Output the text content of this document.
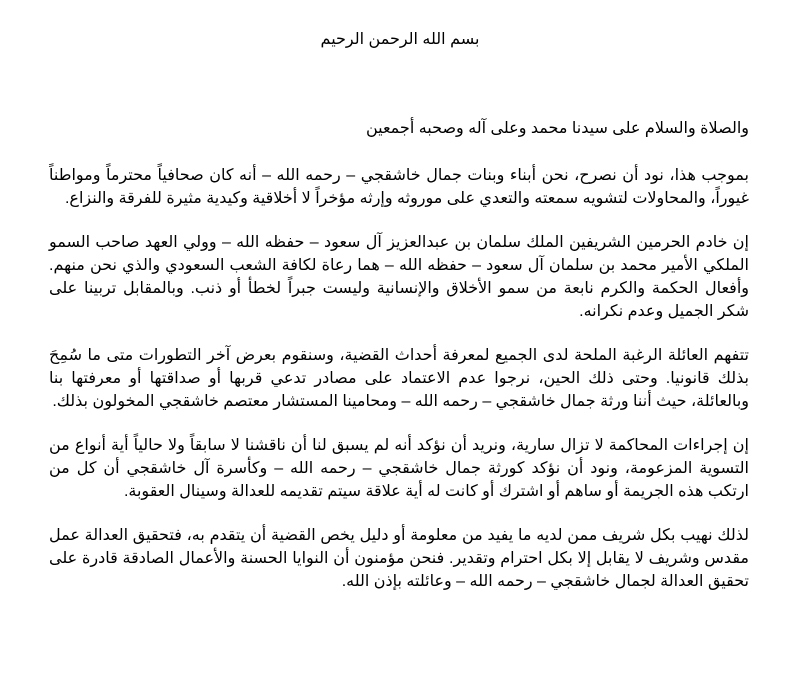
بسم الله الرحمن الرحيم

والصلاة والسلام على سيدنا محمد وعلى آله وصحبه أجمعين

بموجب هذا، نود أن نصرح، نحن أبناء وبنات جمال خاشقجي – رحمه الله – أنه كان صحافياً محترماً ومواطناً غيوراً، والمحاولات لتشويه سمعته والتعدي على موروثه وإرثه مؤخراً لا أخلاقية وكيدية مثيرة للفرقة والنزاع.

إن خادم الحرمين الشريفين الملك سلمان بن عبدالعزيز آل سعود – حفظه الله – وولي العهد صاحب السمو الملكي الأمير محمد بن سلمان آل سعود – حفظه الله – هما رعاة لكافة الشعب السعودي والذي نحن منهم. وأفعال الحكمة والكرم نابعة من سمو الأخلاق والإنسانية وليست جبراً لخطأ أو ذنب. وبالمقابل تربينا على شكر الجميل وعدم نكرانه.

تتفهم العائلة الرغبة الملحة لدى الجميع لمعرفة أحداث القضية، وسنقوم بعرض آخر التطورات متى ما سُمِحَ بذلك قانونيا. وحتى ذلك الحين، نرجوا عدم الاعتماد على مصادر تدعي قربها أو صداقتها أو معرفتها بنا وبالعائلة، حيث أننا ورثة جمال خاشقجي – رحمه الله – ومحامينا المستشار معتصم خاشقجي المخولون بذلك.

إن إجراءات المحاكمة لا تزال سارية، ونريد أن نؤكد أنه لم يسبق لنا أن ناقشنا لا سابقاً ولا حالياً أية أنواع من التسوية المزعومة، ونود أن نؤكد كورثة جمال خاشقجي – رحمه الله – وكأسرة آل خاشقجي أن كل من ارتكب هذه الجريمة أو ساهم أو اشترك أو كانت له أية علاقة سيتم تقديمه للعدالة وسينال العقوبة.

لذلك نهيب بكل شريف ممن لديه ما يفيد من معلومة أو دليل يخص القضية أن يتقدم به، فتحقيق العدالة عمل مقدس وشريف لا يقابل إلا بكل احترام وتقدير. فنحن مؤمنون أن النوايا الحسنة والأعمال الصادقة قادرة على تحقيق العدالة لجمال خاشقجي – رحمه الله – وعائلته بإذن الله.
